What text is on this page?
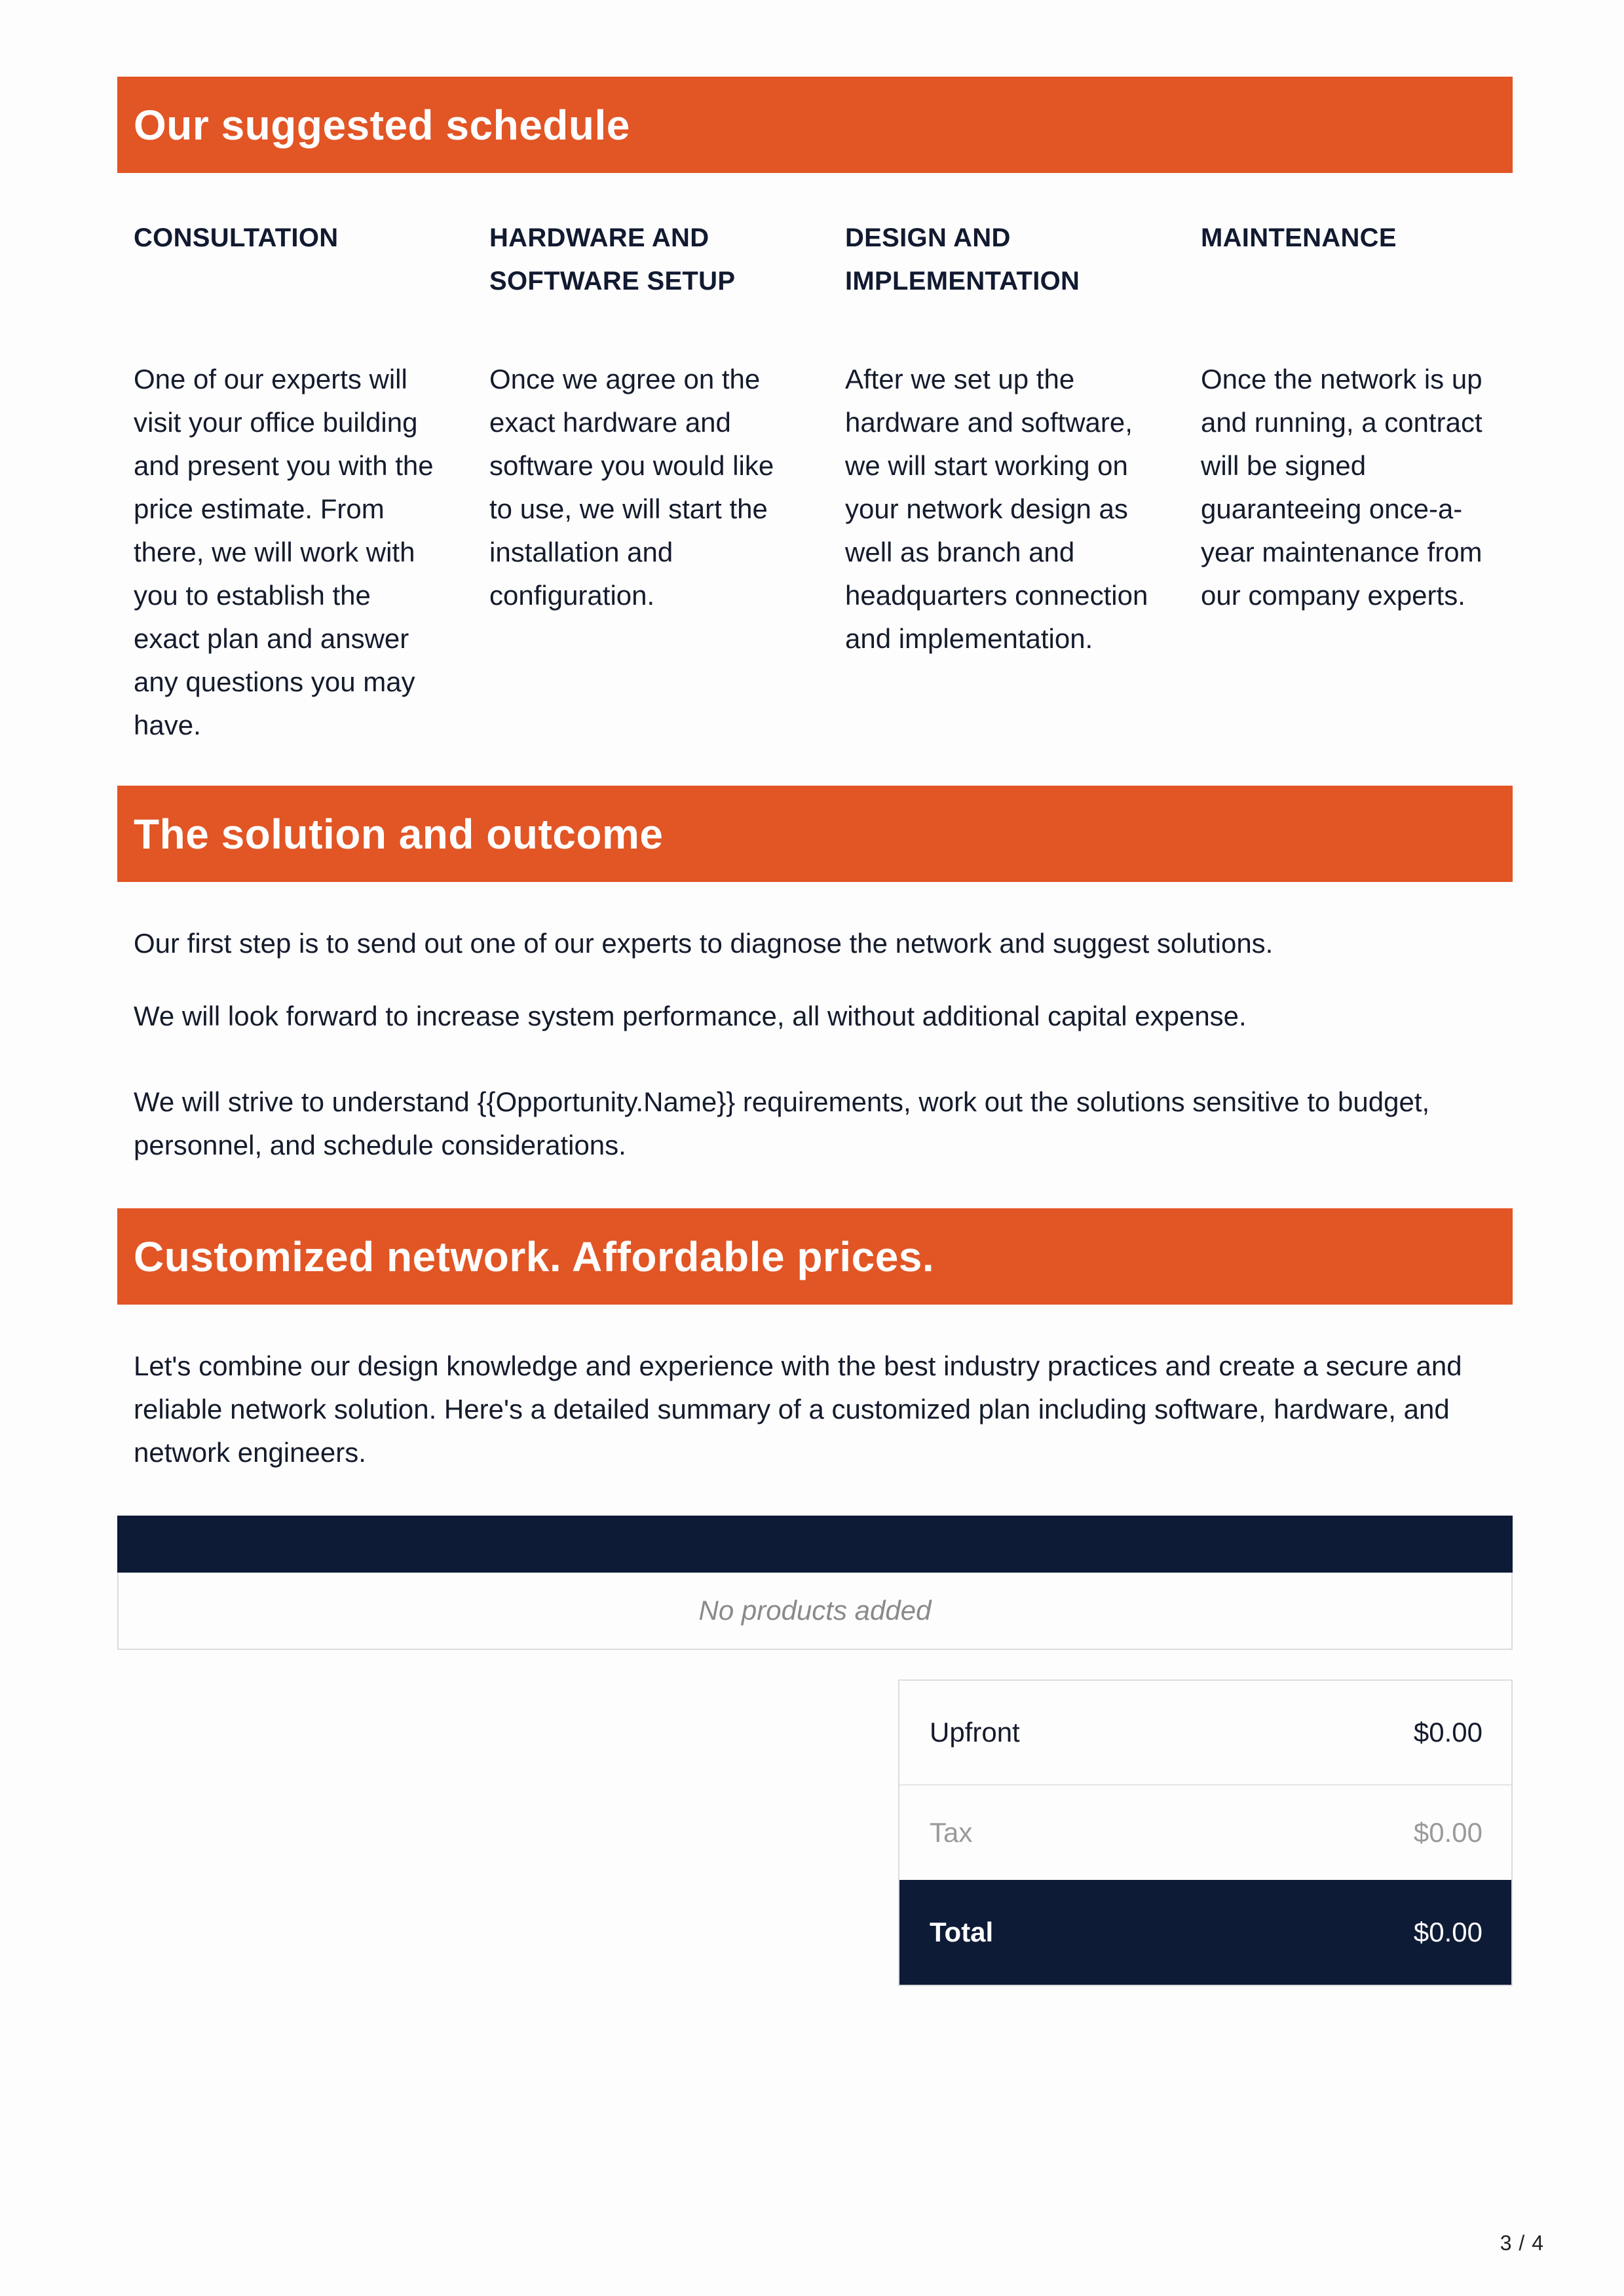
Our suggested schedule

CONSULTATION

One of our experts will visit your office building and present you with the price estimate. From there, we will work with you to establish the exact plan and answer any questions you may have.

HARDWARE AND SOFTWARE SETUP

Once we agree on the exact hardware and software you would like to use, we will start the installation and configuration.

DESIGN AND IMPLEMENTATION

After we set up the hardware and software, we will start working on your network design as well as branch and headquarters connection and implementation.

MAINTENANCE

Once the network is up and running, a contract will be signed guaranteeing once-a-year maintenance from our company experts.

The solution and outcome

Our first step is to send out one of our experts to diagnose the network and suggest solutions.

We will look forward to increase system performance, all without additional capital expense.

We will strive to understand {{Opportunity.Name}} requirements, work out the solutions sensitive to budget, personnel, and schedule considerations.

Customized network. Affordable prices.

Let's combine our design knowledge and experience with the best industry practices and create a secure and reliable network solution. Here's a detailed summary of a customized plan including software, hardware, and network engineers.

No products added
Upfront	$0.00
Tax	$0.00
Total	$0.00
3 / 4
